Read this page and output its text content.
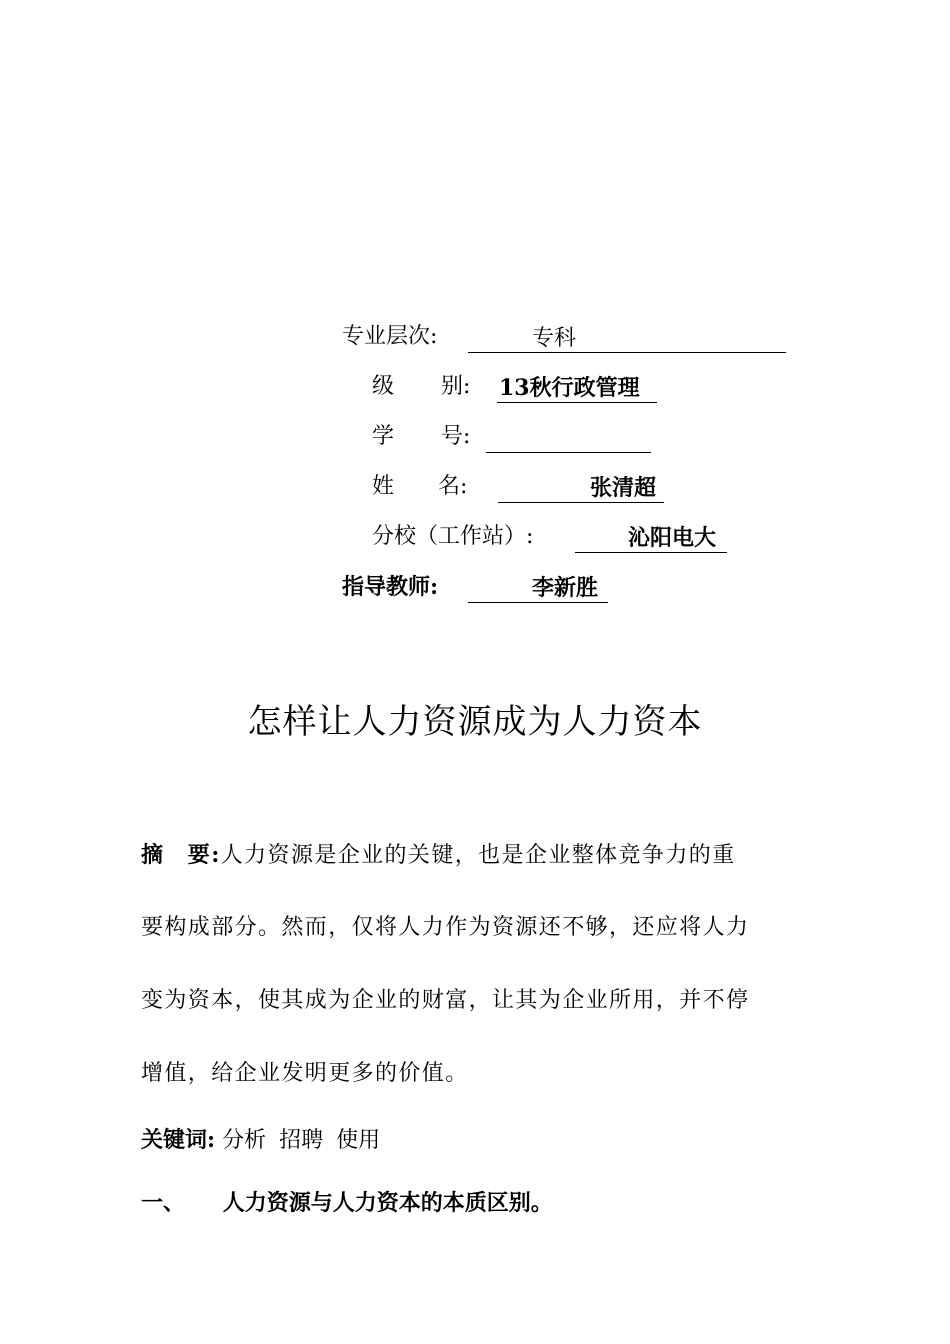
专业层次:	专科
级　 别: 13秋行政管理
学　 号:
姓　　名:	张清超
分校（工作站）:	沁阳电大
指导教师:	李新胜
怎样让人力资源成为人力资本
摘　要:人力资源是企业的关键，也是企业整体竞争力的重
要构成部分。然而，仅将人力作为资源还不够，还应将人力
变为资本，使其成为企业的财富，让其为企业所用，并不停
增值，给企业发明更多的价值。
关键词: 分析 招聘 使用
一、 人力资源与人力资本的本质区别。
